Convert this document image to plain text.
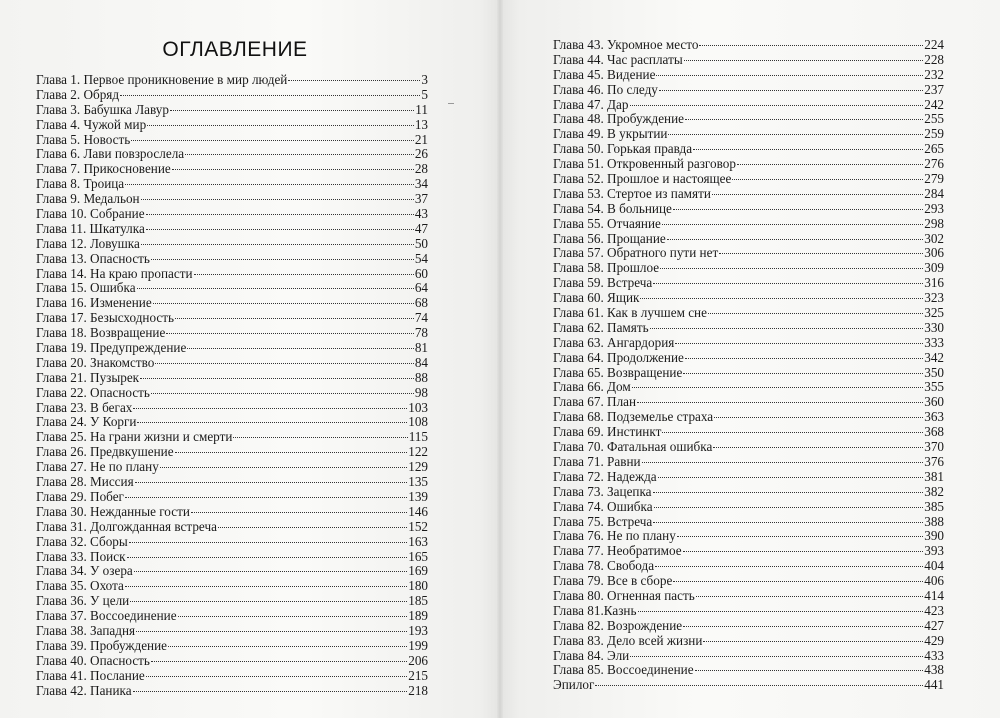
ОГЛАВЛЕНИЕ
Глава 1. Первое проникновение в мир людей	3
Глава 2. Обряд	5
Глава 3. Бабушка Лавур	11
Глава 4. Чужой мир	13
Глава 5. Новость	21
Глава 6. Лави повзрослела	26
Глава 7. Прикосновение	28
Глава 8. Троица	34
Глава 9. Медальон	37
Глава 10. Собрание	43
Глава 11. Шкатулка	47
Глава 12. Ловушка	50
Глава 13. Опасность	54
Глава 14. На краю пропасти	60
Глава 15. Ошибка	64
Глава 16. Изменение	68
Глава 17. Безысходность	74
Глава 18. Возвращение	78
Глава 19. Предупреждение	81
Глава 20. Знакомство	84
Глава 21. Пузырек	88
Глава 22. Опасность	98
Глава 23. В бегах	103
Глава 24. У Корги	108
Глава 25. На грани жизни и смерти	115
Глава 26. Предвкушение	122
Глава 27. Не по плану	129
Глава 28. Миссия	135
Глава 29. Побег	139
Глава 30. Нежданные гости	146
Глава 31. Долгожданная встреча	152
Глава 32. Сборы	163
Глава 33. Поиск	165
Глава 34. У озера	169
Глава 35. Охота	180
Глава 36. У цели	185
Глава 37. Воссоединение	189
Глава 38. Западня	193
Глава 39. Пробуждение	199
Глава 40. Опасность	206
Глава 41. Послание	215
Глава 42. Паника	218
Глава 43. Укромное место	224
Глава 44. Час расплаты	228
Глава 45. Видение	232
Глава 46. По следу	237
Глава 47. Дар	242
Глава 48. Пробуждение	255
Глава 49. В укрытии	259
Глава 50. Горькая правда	265
Глава 51. Откровенный разговор	276
Глава 52. Прошлое и настоящее	279
Глава 53. Стертое из памяти	284
Глава 54. В больнице	293
Глава 55. Отчаяние	298
Глава 56. Прощание	302
Глава 57. Обратного пути нет	306
Глава 58. Прошлое	309
Глава 59. Встреча	316
Глава 60. Ящик	323
Глава 61. Как в лучшем сне	325
Глава 62. Память	330
Глава 63. Ангардория	333
Глава 64. Продолжение	342
Глава 65. Возвращение	350
Глава 66. Дом	355
Глава 67. План	360
Глава 68. Подземелье страха	363
Глава 69. Инстинкт	368
Глава 70. Фатальная ошибка	370
Глава 71. Равни	376
Глава 72. Надежда	381
Глава 73. Зацепка	382
Глава 74. Ошибка	385
Глава 75. Встреча	388
Глава 76. Не по плану	390
Глава 77. Необратимое	393
Глава 78. Свобода	404
Глава 79. Все в сборе	406
Глава 80. Огненная пасть	414
Глава 81.Казнь	423
Глава 82. Возрождение	427
Глава 83. Дело всей жизни	429
Глава 84. Эли	433
Глава 85. Воссоединение	438
Эпилог	441
